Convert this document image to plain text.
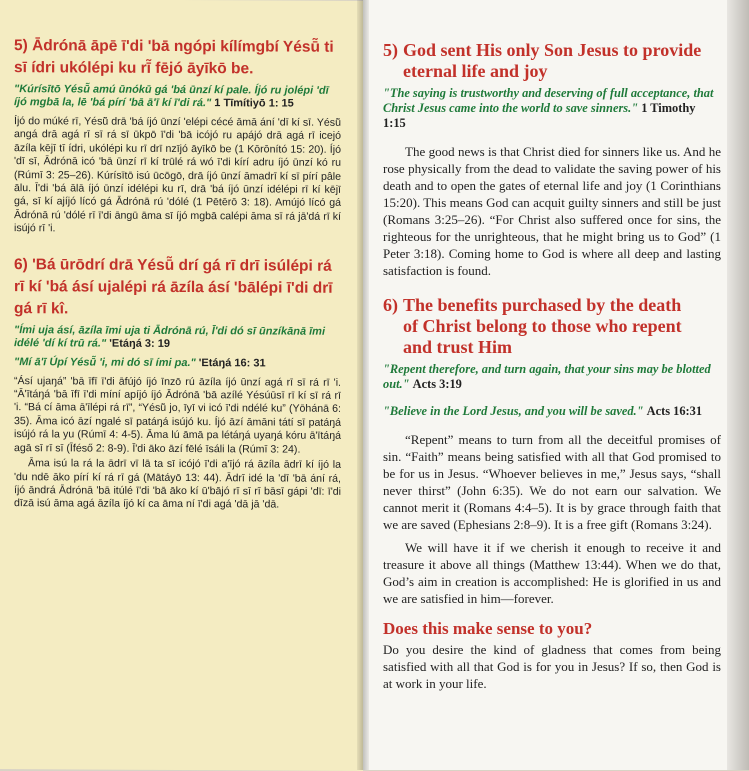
5) Ādrónā āpē ī'di 'bā ngópi kílímgbí Yésū̃ ti sī ídri ukólépi ku rī̃ fējó āyīkō be.
"Kúrísītō Yésū̃ amú ūnókū gá 'bá ūnzí kí pale. Íjó ru jolépi 'dī íjó mgbā la, lē 'bá pírí 'bā ā'ī kí ī'di rá." 1 Tīmítiyō 1: 15
Íjó do múké rī, Yésū̃ drā 'bá íjó ūnzí 'elépi cécé āmā ání 'dī kí sī. Yésū̃ angá drā agá rī sī rá sī ūkpō ī'di 'bā icójó ru apájó drā agá rī icejó āzíla kējī tī ídri, ukólépi ku rī drī nzījó āyīkō be (1 Kōrōnító 15: 20). Íjó 'dī sī, Ādrónā icó 'bā ūnzí rī kí trūlé rá wó ī'di kírí adru íjó ūnzí kó ru (Rúmī 3: 25–26). Kúrísītō isú ūcōgō, drā íjó ūnzí āmadrī kí sī pírí pâle ālu. Ī'di 'bá ālā íjó ūnzí idélépi ku rī, drā 'bá íjó ūnzí idélépi rī kí kējī gá, sī kí ajíjó lícó gá Ādrónā rú 'dólé (1 Pētērō 3: 18). Amújó lícó gá Ādrónā rú 'dólé rī ī'di āngū āma sī íjó mgbā calépi āma sī rá jā'dá rī kí isújó rī 'i.
6) 'Bá ūrōdrí drā Yésū̃ drí gá rī drī isúlépi rá rī kí 'bá ásí ujalépi rá āzíla ásí 'bālépi ī'di drī gá rī kî.
"Ími uja ásí, āzíla īmi uja ti Ādrónā rú, Ī'di dó sī ūnzíkānā īmi idélé 'dí kí trū rá." 'Etáŋá 3: 19
"Mí ā'ī Úpí Yésū̃ 'i, mi dó sī ími pa." 'Etáŋá 16: 31
“Ásí ujaŋá” 'bā īfī ī'di āfújó íjó īnzō rú āzíla íjó ūnzí agá rī sī rá rī 'i. “Ā'ītáŋá 'bā īfī ī'di míní apíjó íjó Ādrónā 'bā azílé Yésúūsī rī kí sī rá rī 'i. “Bá cí āma ā'īlépi rá rī”, “Yésū̃ jo, īyī vi icó ī'di ndélé ku” (Yōhánā 6: 35). Āma icó āzí ngalé sī patáŋá isújó ku. Íjó āzí āmāni tátí sī patáŋá isújó rá la yu (Rúmī 4: 4-5). Āma lú āmā pa létáŋá uyaŋá kóru ā'ītáŋá agā sī rī sī (Īféső 2: 8-9). Ī'di āko āzí fēlé īsáli la (Rúmī 3: 24).
Āma isú la rá la ādrī vī lā ta sī icójó ī'di a'ījó rá āzíla ādrī kí íjó la 'du ndē āko pírí kí rá rī gá (Mātáyō 13: 44). Ādrī idé la 'dī 'bā ání rá, íjó āndrá Ādrónā 'bā itúlé ī'di 'bā āko kí ū'bājó rī sī rī bāsī gápi 'dī: ī'di dīzā isú āma agá āzíla íjó kí ca āma ní ī'di agá 'dā jā 'dā.
5) God sent His only Son Jesus to provide
eternal life and joy
"The saying is trustworthy and deserving of full acceptance, that Christ Jesus came into the world to save sinners." 1 Timothy 1:15
The good news is that Christ died for sinners like us. And he rose physically from the dead to validate the saving power of his death and to open the gates of eternal life and joy (1 Corinthians 15:20). This means God can acquit guilty sinners and still be just (Romans 3:25–26). “For Christ also suffered once for sins, the righteous for the unrighteous, that he might bring us to God” (1 Peter 3:18). Coming home to God is where all deep and lasting satisfaction is found.
6) The benefits purchased by the death
of Christ belong to those who repent
and trust Him
"Repent therefore, and turn again, that your sins may be blotted out." Acts 3:19
"Believe in the Lord Jesus, and you will be saved." Acts 16:31
“Repent” means to turn from all the deceitful promises of sin. “Faith” means being satisfied with all that God promised to be for us in Jesus. “Whoever believes in me,” Jesus says, “shall never thirst” (John 6:35). We do not earn our salvation. We cannot merit it (Romans 4:4–5). It is by grace through faith that we are saved (Ephesians 2:8–9). It is a free gift (Romans 3:24).
We will have it if we cherish it enough to receive it and treasure it above all things (Matthew 13:44). When we do that, God’s aim in creation is accomplished: He is glorified in us and we are satisfied in him—forever.
Does this make sense to you?
Do you desire the kind of gladness that comes from being satisfied with all that God is for you in Jesus? If so, then God is at work in your life.
